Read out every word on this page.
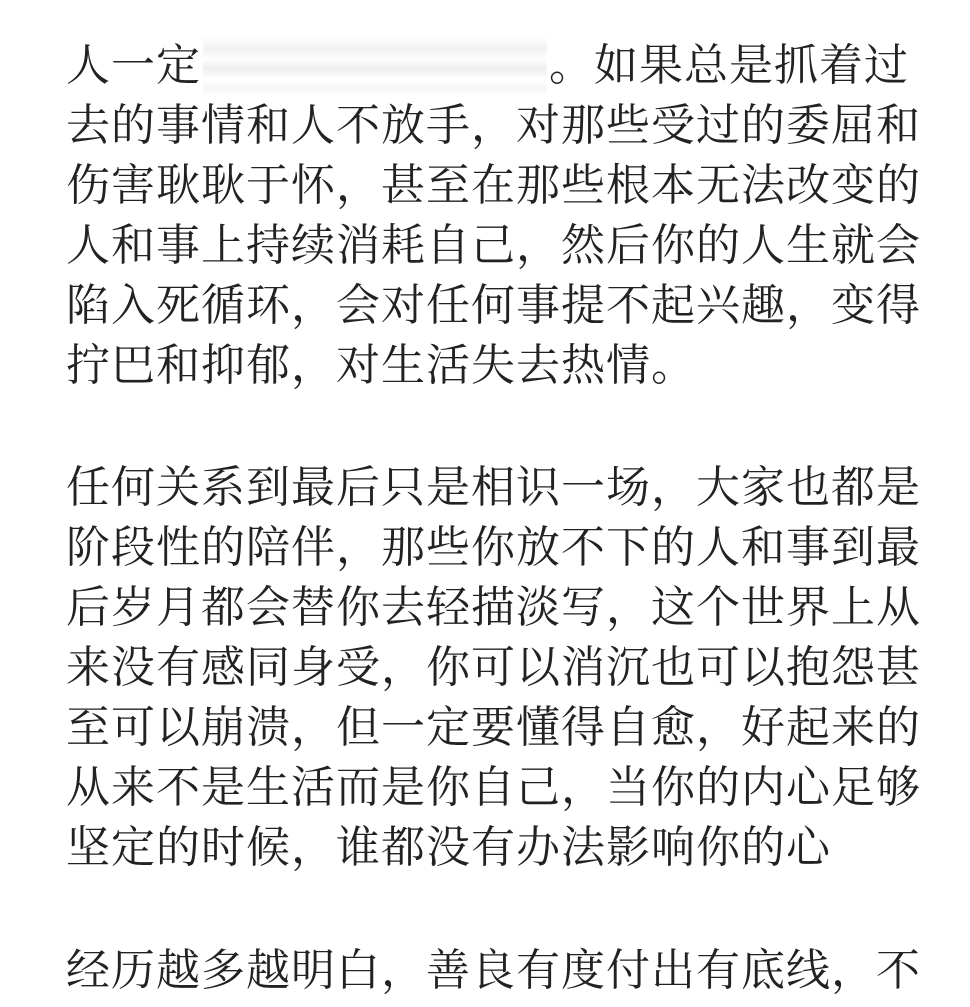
人一定	。如果总是抓着过
去的事情和人不放手，对那些受过的委屈和
伤害耿耿于怀，甚至在那些根本无法改变的
人和事上持续消耗自己，然后你的人生就会
陷入死循环，会对任何事提不起兴趣，变得
拧巴和抑郁，对生活失去热情。
任何关系到最后只是相识一场，大家也都是
阶段性的陪伴，那些你放不下的人和事到最
后岁月都会替你去轻描淡写，这个世界上从
来没有感同身受，你可以消沉也可以抱怨甚
至可以崩溃，但一定要懂得自愈，好起来的
从来不是生活而是你自己，当你的内心足够
坚定的时候，谁都没有办法影响你的心
经历越多越明白，善良有度付出有底线，不
